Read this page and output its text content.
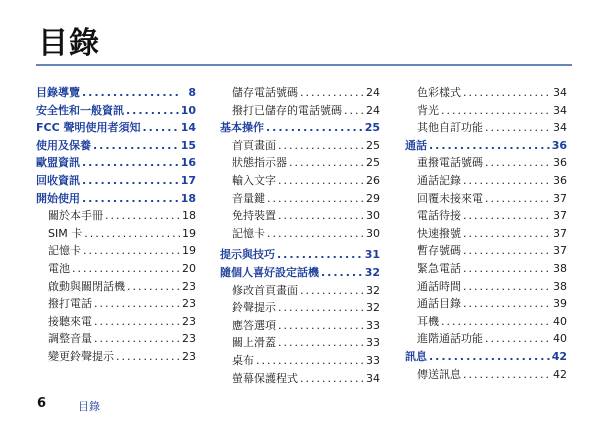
目錄
目錄導覽 .....	8
安全性和一般資訊 .....	10
FCC 聲明使用者須知 .....	14
使用及保養 .....	15
歐盟資訊 .....	16
回收資訊 .....	17
開始使用 .....	18
關於本手冊 .....	18
SIM 卡 .....	19
記憶卡 .....	19
電池 .....	20
啟動與關閉話機 .....	23
撥打電話 .....	23
接聽來電 .....	23
調整音量 .....	23
變更鈴聲提示 .....	23
儲存電話號碼 .....	24
撥打已儲存的電話號碼 ..... 24
基本操作 .....	25
首頁畫面 .....	25
狀態指示器 .....	25
輸入文字 .....	26
音量鍵 .....	29
免持裝置 .....	30
記憶卡 .....	30
提示與技巧 .....	31
隨個人喜好設定話機 .....	32
修改首頁畫面 .....	32
鈴聲提示 .....	32
應答選項 .....	33
關上滑蓋 .....	33
桌布 .....	33
螢幕保護程式 .....	34
色彩樣式 .....	34
背光 .....	34
其他自訂功能 .....	34
通話 .....	36
重撥電話號碼 .....	36
通話記錄 .....	36
回覆未接來電 .....	37
電話待接 .....	37
快速撥號 .....	37
暫存號碼 .....	37
緊急電話 .....	38
通話時間 .....	38
通話目錄 .....	39
耳機 .....	40
進階通話功能 .....	40
訊息 .....	42
傳送訊息 .....	42
6	目錄
